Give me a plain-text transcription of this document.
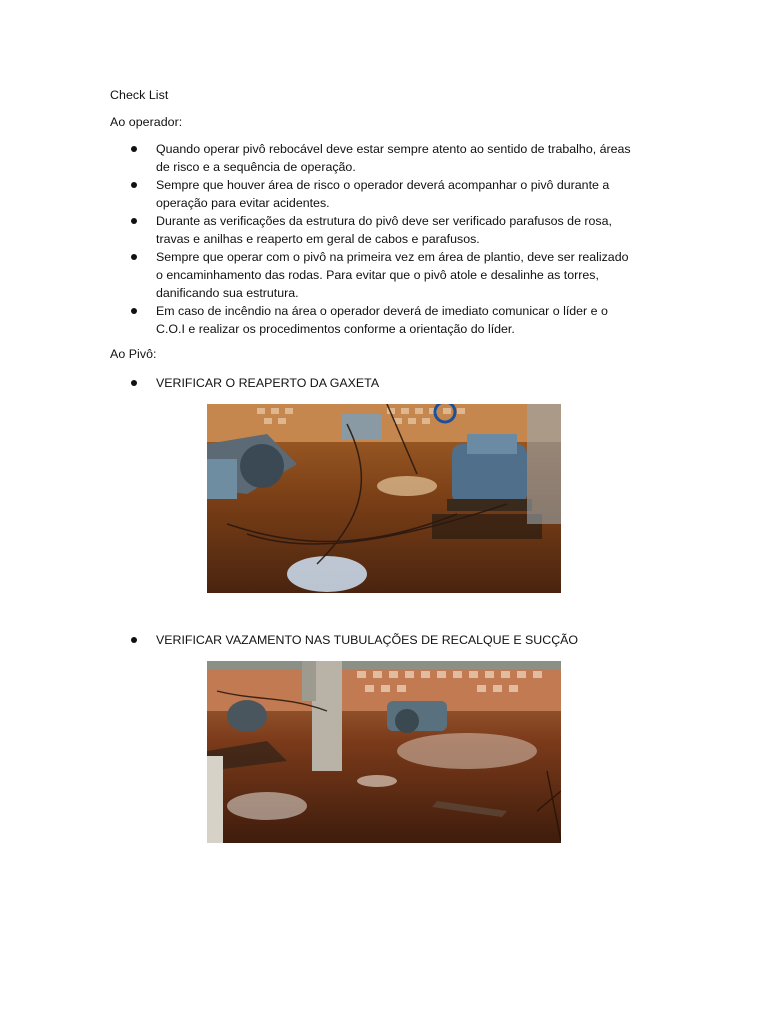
Check List
Ao operador:
Quando operar pivô rebocável deve estar sempre atento ao sentido de trabalho, áreas
de risco e a sequência de operação.
Sempre que houver área de risco o operador deverá acompanhar o pivô durante a
operação para evitar acidentes.
Durante as verificações da estrutura do pivô deve ser verificado parafusos de rosa,
travas e anilhas e reaperto em geral de cabos e parafusos.
Sempre que operar com o pivô na primeira vez em área de plantio, deve ser realizado
o encaminhamento das rodas. Para evitar que o pivô atole e desalinhe as torres,
danificando sua estrutura.
Em caso de incêndio na área o operador deverá de imediato comunicar o líder e o
C.O.I e realizar os procedimentos conforme a orientação do líder.
Ao Pivô:
VERIFICAR O REAPERTO DA GAXETA
VERIFICAR VAZAMENTO NAS TUBULAÇÕES DE RECALQUE E SUCÇÃO
